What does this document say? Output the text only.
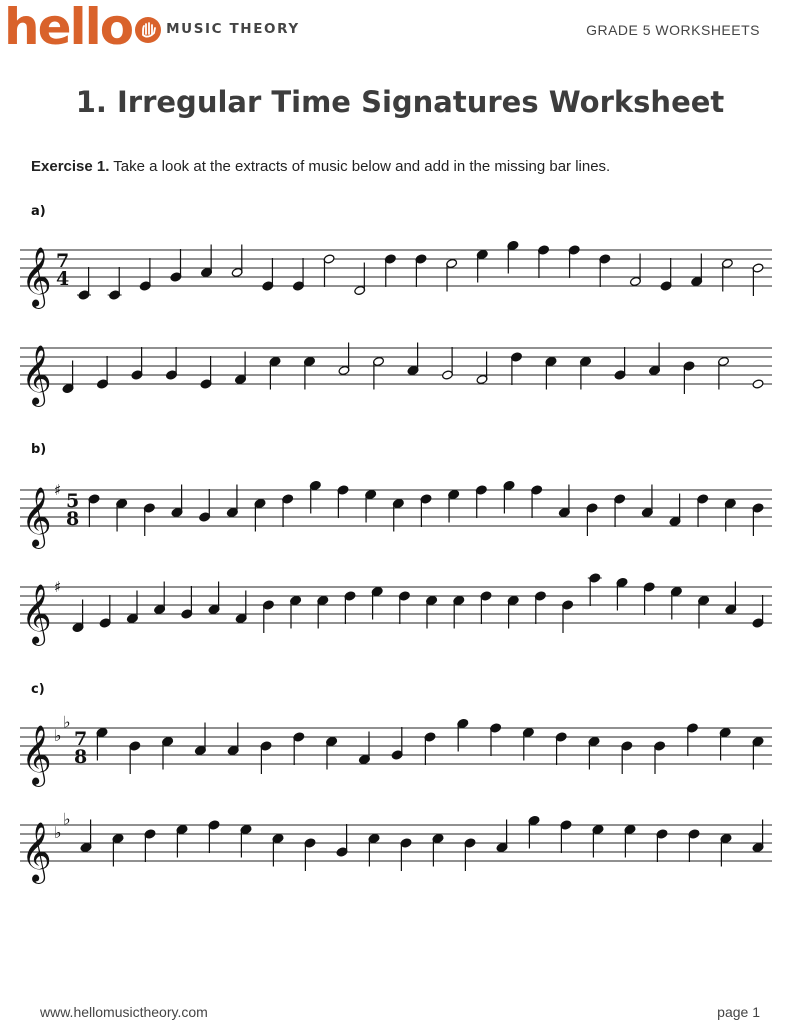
hello	MUSIC THEORY	GRADE 5 WORKSHEETS
1. Irregular Time Signatures Worksheet
Exercise 1. Take a look at the extracts of music below and add in the missing bar lines.
a)
b)
c)
𝄞 7
4
𝄞
𝄞 ♯ 5
8
𝄞 ♯
𝄞 ♭
♭
7
8
𝄞 ♭
♭
www.hellomusictheory.com	page 1
